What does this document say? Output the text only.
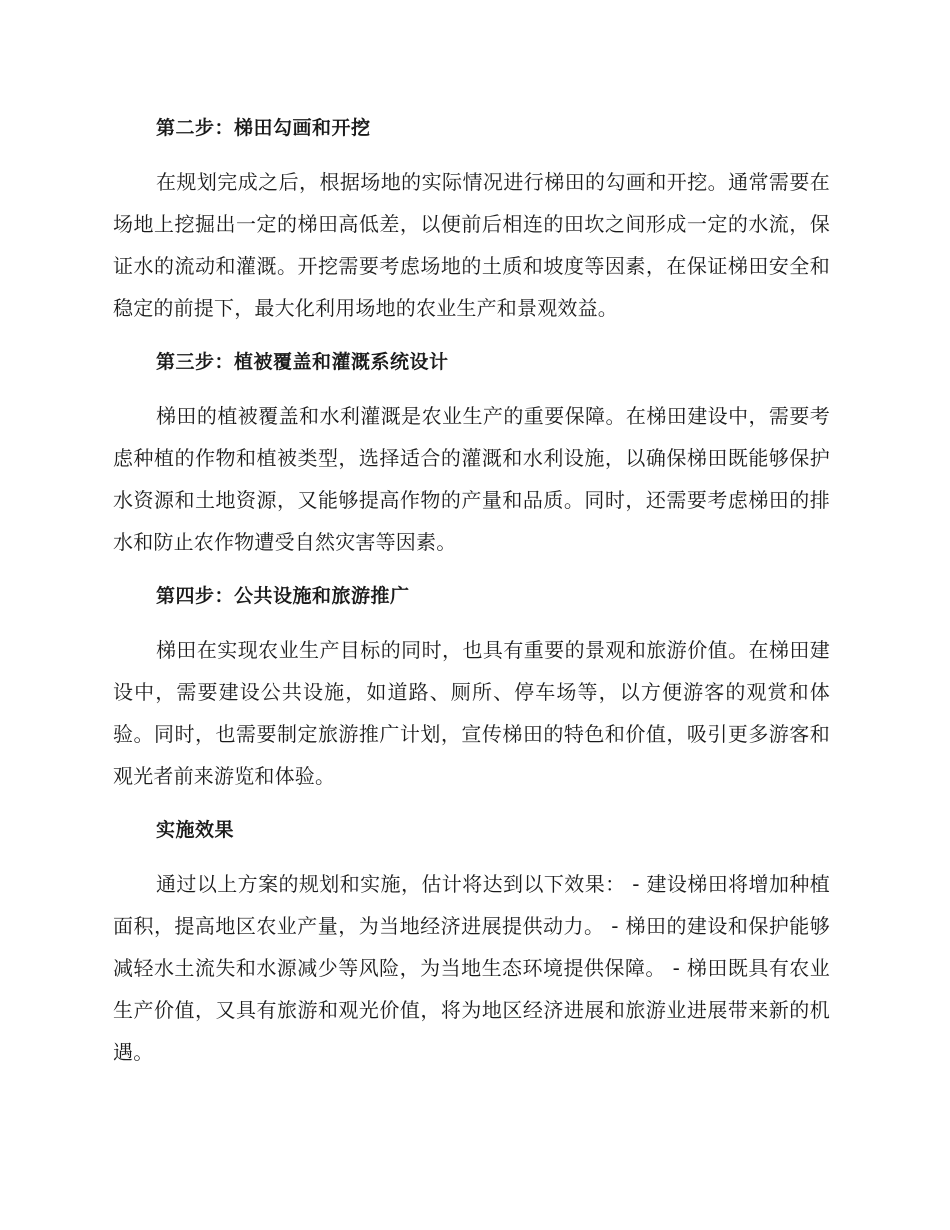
第二步：梯田勾画和开挖
在规划完成之后，根据场地的实际情况进行梯田的勾画和开挖。通常需要在场地上挖掘出一定的梯田高低差，以便前后相连的田坎之间形成一定的水流，保证水的流动和灌溉。开挖需要考虑场地的土质和坡度等因素，在保证梯田安全和稳定的前提下，最大化利用场地的农业生产和景观效益。
第三步：植被覆盖和灌溉系统设计
梯田的植被覆盖和水利灌溉是农业生产的重要保障。在梯田建设中，需要考虑种植的作物和植被类型，选择适合的灌溉和水利设施，以确保梯田既能够保护水资源和土地资源，又能够提高作物的产量和品质。同时，还需要考虑梯田的排水和防止农作物遭受自然灾害等因素。
第四步：公共设施和旅游推广
梯田在实现农业生产目标的同时，也具有重要的景观和旅游价值。在梯田建设中，需要建设公共设施，如道路、厕所、停车场等，以方便游客的观赏和体验。同时，也需要制定旅游推广计划，宣传梯田的特色和价值，吸引更多游客和观光者前来游览和体验。
实施效果
通过以上方案的规划和实施，估计将达到以下效果： - 建设梯田将增加种植面积，提高地区农业产量，为当地经济进展提供动力。 - 梯田的建设和保护能够减轻水土流失和水源减少等风险，为当地生态环境提供保障。 - 梯田既具有农业生产价值，又具有旅游和观光价值，将为地区经济进展和旅游业进展带来新的机遇。
